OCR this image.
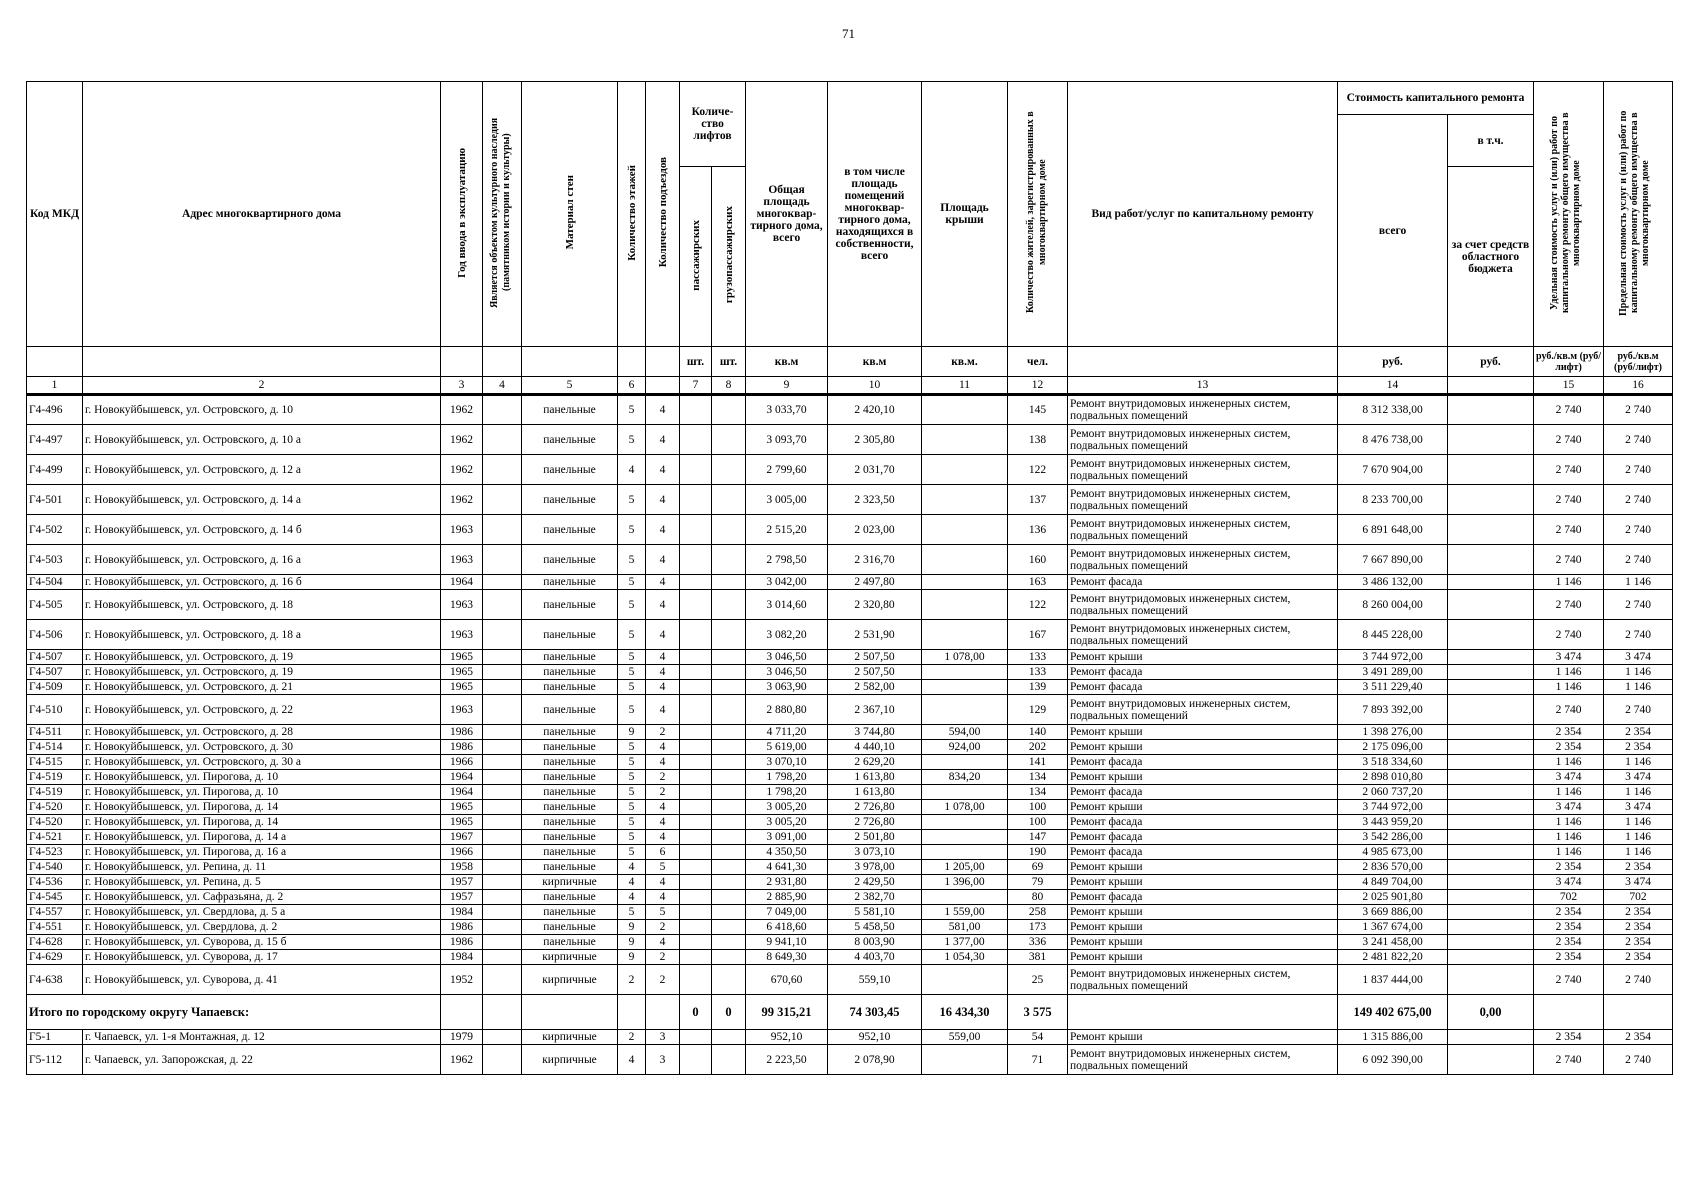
71
Код МКД	Адрес многоквартирного дома	Год ввода в эксплуатацию	Является объектом культурного наследия (памятником истории и культуры)	Материал стен	Количество этажей	Количество подъездов	Количе-ство лифтов		Общая площадь многоквар-тирного дома, всего	в том числе площадь помещений многоквар-тирного дома, находящихся в собственности, всего	Площадь крыши	Количество жителей, зарегистрированных в многоквартирном доме	Вид работ/услуг по капитальному ремонту	Стоимость капитального ремонта		Удельная стоимость услуг и (или) работ по капитальному ремонту общего имущества в многоквартирном доме	Предельная стоимость услуг и (или) работ по капитальному ремонту общего имущества в многоквартирном доме
														всего	в т.ч.		
							пассажирских	грузопассажирских							за счет средств областного бюджета		
							шт.	шт.	кв.м	кв.м	кв.м.	чел.		руб.	руб.	руб./кв.м (руб/лифт)	руб./кв.м (руб/лифт)
1	2	3	4	5	6		7	8	9	10	11	12	13	14		15	16
Г4-496	г. Новокуйбышевск, ул. Островского, д. 10	1962		панельные	5	4			3 033,70	2 420,10		145	Ремонт внутридомовых инженерных систем, подвальных помещений	8 312 338,00		2 740	2 740
Г4-497	г. Новокуйбышевск, ул. Островского, д. 10 а	1962		панельные	5	4			3 093,70	2 305,80		138	Ремонт внутридомовых инженерных систем, подвальных помещений	8 476 738,00		2 740	2 740
Г4-499	г. Новокуйбышевск, ул. Островского, д. 12 а	1962		панельные	4	4			2 799,60	2 031,70		122	Ремонт внутридомовых инженерных систем, подвальных помещений	7 670 904,00		2 740	2 740
Г4-501	г. Новокуйбышевск, ул. Островского, д. 14 а	1962		панельные	5	4			3 005,00	2 323,50		137	Ремонт внутридомовых инженерных систем, подвальных помещений	8 233 700,00		2 740	2 740
Г4-502	г. Новокуйбышевск, ул. Островского, д. 14 б	1963		панельные	5	4			2 515,20	2 023,00		136	Ремонт внутридомовых инженерных систем, подвальных помещений	6 891 648,00		2 740	2 740
Г4-503	г. Новокуйбышевск, ул. Островского, д. 16 а	1963		панельные	5	4			2 798,50	2 316,70		160	Ремонт внутридомовых инженерных систем, подвальных помещений	7 667 890,00		2 740	2 740
Г4-504	г. Новокуйбышевск, ул. Островского, д. 16 б	1964		панельные	5	4			3 042,00	2 497,80		163	Ремонт фасада	3 486 132,00		1 146	1 146
Г4-505	г. Новокуйбышевск, ул. Островского, д. 18	1963		панельные	5	4			3 014,60	2 320,80		122	Ремонт внутридомовых инженерных систем, подвальных помещений	8 260 004,00		2 740	2 740
Г4-506	г. Новокуйбышевск, ул. Островского, д. 18 а	1963		панельные	5	4			3 082,20	2 531,90		167	Ремонт внутридомовых инженерных систем, подвальных помещений	8 445 228,00		2 740	2 740
Г4-507	г. Новокуйбышевск, ул. Островского, д. 19	1965		панельные	5	4			3 046,50	2 507,50	1 078,00	133	Ремонт крыши	3 744 972,00		3 474	3 474
Г4-507	г. Новокуйбышевск, ул. Островского, д. 19	1965		панельные	5	4			3 046,50	2 507,50		133	Ремонт фасада	3 491 289,00		1 146	1 146
Г4-509	г. Новокуйбышевск, ул. Островского, д. 21	1965		панельные	5	4			3 063,90	2 582,00		139	Ремонт фасада	3 511 229,40		1 146	1 146
Г4-510	г. Новокуйбышевск, ул. Островского, д. 22	1963		панельные	5	4			2 880,80	2 367,10		129	Ремонт внутридомовых инженерных систем, подвальных помещений	7 893 392,00		2 740	2 740
Г4-511	г. Новокуйбышевск, ул. Островского, д. 28	1986		панельные	9	2			4 711,20	3 744,80	594,00	140	Ремонт крыши	1 398 276,00		2 354	2 354
Г4-514	г. Новокуйбышевск, ул. Островского, д. 30	1986		панельные	5	4			5 619,00	4 440,10	924,00	202	Ремонт крыши	2 175 096,00		2 354	2 354
Г4-515	г. Новокуйбышевск, ул. Островского, д. 30 а	1966		панельные	5	4			3 070,10	2 629,20		141	Ремонт фасада	3 518 334,60		1 146	1 146
Г4-519	г. Новокуйбышевск, ул. Пирогова, д. 10	1964		панельные	5	2			1 798,20	1 613,80	834,20	134	Ремонт крыши	2 898 010,80		3 474	3 474
Г4-519	г. Новокуйбышевск, ул. Пирогова, д. 10	1964		панельные	5	2			1 798,20	1 613,80		134	Ремонт фасада	2 060 737,20		1 146	1 146
Г4-520	г. Новокуйбышевск, ул. Пирогова, д. 14	1965		панельные	5	4			3 005,20	2 726,80	1 078,00	100	Ремонт крыши	3 744 972,00		3 474	3 474
Г4-520	г. Новокуйбышевск, ул. Пирогова, д. 14	1965		панельные	5	4			3 005,20	2 726,80		100	Ремонт фасада	3 443 959,20		1 146	1 146
Г4-521	г. Новокуйбышевск, ул. Пирогова, д. 14 а	1967		панельные	5	4			3 091,00	2 501,80		147	Ремонт фасада	3 542 286,00		1 146	1 146
Г4-523	г. Новокуйбышевск, ул. Пирогова, д. 16 а	1966		панельные	5	6			4 350,50	3 073,10		190	Ремонт фасада	4 985 673,00		1 146	1 146
Г4-540	г. Новокуйбышевск, ул. Репина, д. 11	1958		панельные	4	5			4 641,30	3 978,00	1 205,00	69	Ремонт крыши	2 836 570,00		2 354	2 354
Г4-536	г. Новокуйбышевск, ул. Репина, д. 5	1957		кирпичные	4	4			2 931,80	2 429,50	1 396,00	79	Ремонт крыши	4 849 704,00		3 474	3 474
Г4-545	г. Новокуйбышевск, ул. Сафразьяна, д. 2	1957		панельные	4	4			2 885,90	2 382,70		80	Ремонт фасада	2 025 901,80		702	702
Г4-557	г. Новокуйбышевск, ул. Свердлова, д. 5 а	1984		панельные	5	5			7 049,00	5 581,10	1 559,00	258	Ремонт крыши	3 669 886,00		2 354	2 354
Г4-551	г. Новокуйбышевск, ул. Свердлова, д. 2	1986		панельные	9	2			6 418,60	5 458,50	581,00	173	Ремонт крыши	1 367 674,00		2 354	2 354
Г4-628	г. Новокуйбышевск, ул. Суворова, д. 15 б	1986		панельные	9	4			9 941,10	8 003,90	1 377,00	336	Ремонт крыши	3 241 458,00		2 354	2 354
Г4-629	г. Новокуйбышевск, ул. Суворова, д. 17	1984		кирпичные	9	2			8 649,30	4 403,70	1 054,30	381	Ремонт крыши	2 481 822,20		2 354	2 354
Г4-638	г. Новокуйбышевск, ул. Суворова, д. 41	1952		кирпичные	2	2			670,60	559,10		25	Ремонт внутридомовых инженерных систем, подвальных помещений	1 837 444,00		2 740	2 740
Итого по городскому округу Чапаевск:							0	0	99 315,21	74 303,45	16 434,30	3 575		149 402 675,00	0,00		
Г5-1	г. Чапаевск, ул. 1-я Монтажная, д. 12	1979		кирпичные	2	3			952,10	952,10	559,00	54	Ремонт крыши	1 315 886,00		2 354	2 354
Г5-112	г. Чапаевск, ул. Запорожская, д. 22	1962		кирпичные	4	3			2 223,50	2 078,90		71	Ремонт внутридомовых инженерных систем, подвальных помещений	6 092 390,00		2 740	2 740
